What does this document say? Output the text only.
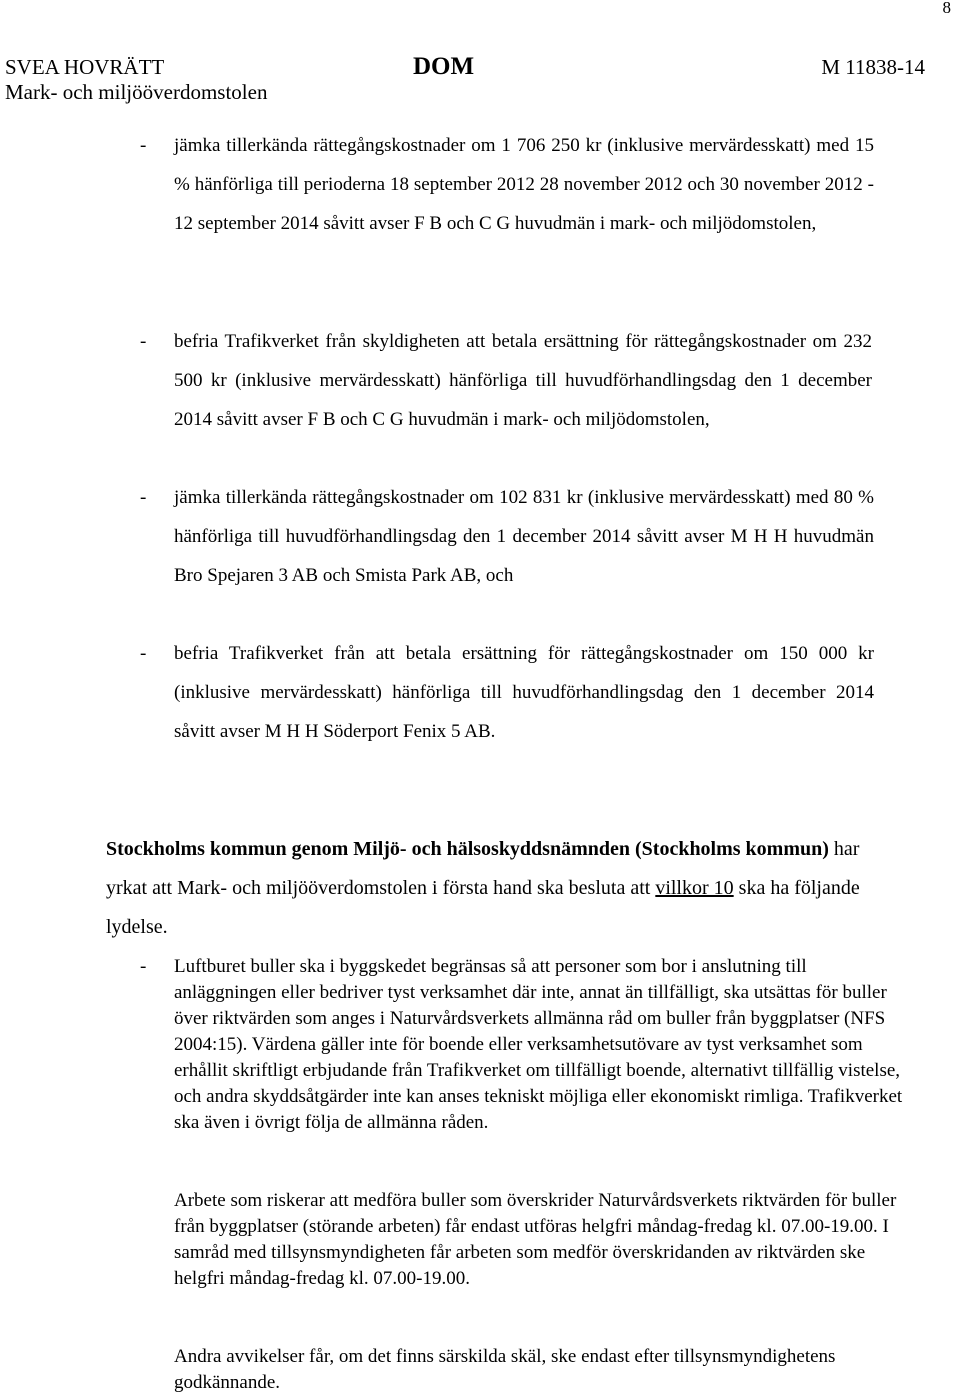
8
SVEA HOVRÄTT
Mark- och miljööverdomstolen
DOM	M 11838-14
- jämka tillerkända rättegångskostnader om 1 706 250 kr (inklusive mervärdesskatt) med 15 % hänförliga till perioderna 18 september 2012 28 november 2012 och 30 november 2012 - 12 september 2014 såvitt avser F B och C G huvudmän i mark- och miljödomstolen,
- befria Trafikverket från skyldigheten att betala ersättning för rättegångskostnader om 232 500 kr (inklusive mervärdesskatt) hänförliga till huvudförhandlingsdag den 1 december 2014 såvitt avser F B och C G huvudmän i mark- och miljödomstolen,
- jämka tillerkända rättegångskostnader om 102 831 kr (inklusive mervärdesskatt) med 80 % hänförliga till huvudförhandlingsdag den 1 december 2014 såvitt avser M H H huvudmän Bro Spejaren 3 AB och Smista Park AB, och
- befria Trafikverket från att betala ersättning för rättegångskostnader om 150 000 kr (inklusive mervärdesskatt) hänförliga till huvudförhandlingsdag den 1 december 2014 såvitt avser M H H Söderport Fenix 5 AB.
Stockholms kommun genom Miljö- och hälsoskyddsnämnden (Stockholms kommun) har yrkat att Mark- och miljööverdomstolen i första hand ska besluta att villkor 10 ska ha följande lydelse.
- Luftburet buller ska i byggskedet begränsas så att personer som bor i anslutning till anläggningen eller bedriver tyst verksamhet där inte, annat än tillfälligt, ska utsättas för buller över riktvärden som anges i Naturvårdsverkets allmänna råd om buller från byggplatser (NFS 2004:15). Värdena gäller inte för boende eller verksamhetsutövare av tyst verksamhet som erhållit skriftligt erbjudande från Trafikverket om tillfälligt boende, alternativt tillfällig vistelse, och andra skyddsåtgärder inte kan anses tekniskt möjliga eller ekonomiskt rimliga. Trafikverket ska även i övrigt följa de allmänna råden.
Arbete som riskerar att medföra buller som överskrider Naturvårdsverkets riktvärden för buller från byggplatser (störande arbeten) får endast utföras helgfri måndag-fredag kl. 07.00-19.00. I samråd med tillsynsmyndigheten får arbeten som medför överskridanden av riktvärden ske helgfri måndag-fredag kl. 07.00-19.00.
Andra avvikelser får, om det finns särskilda skäl, ske endast efter tillsynsmyndighetens godkännande.
